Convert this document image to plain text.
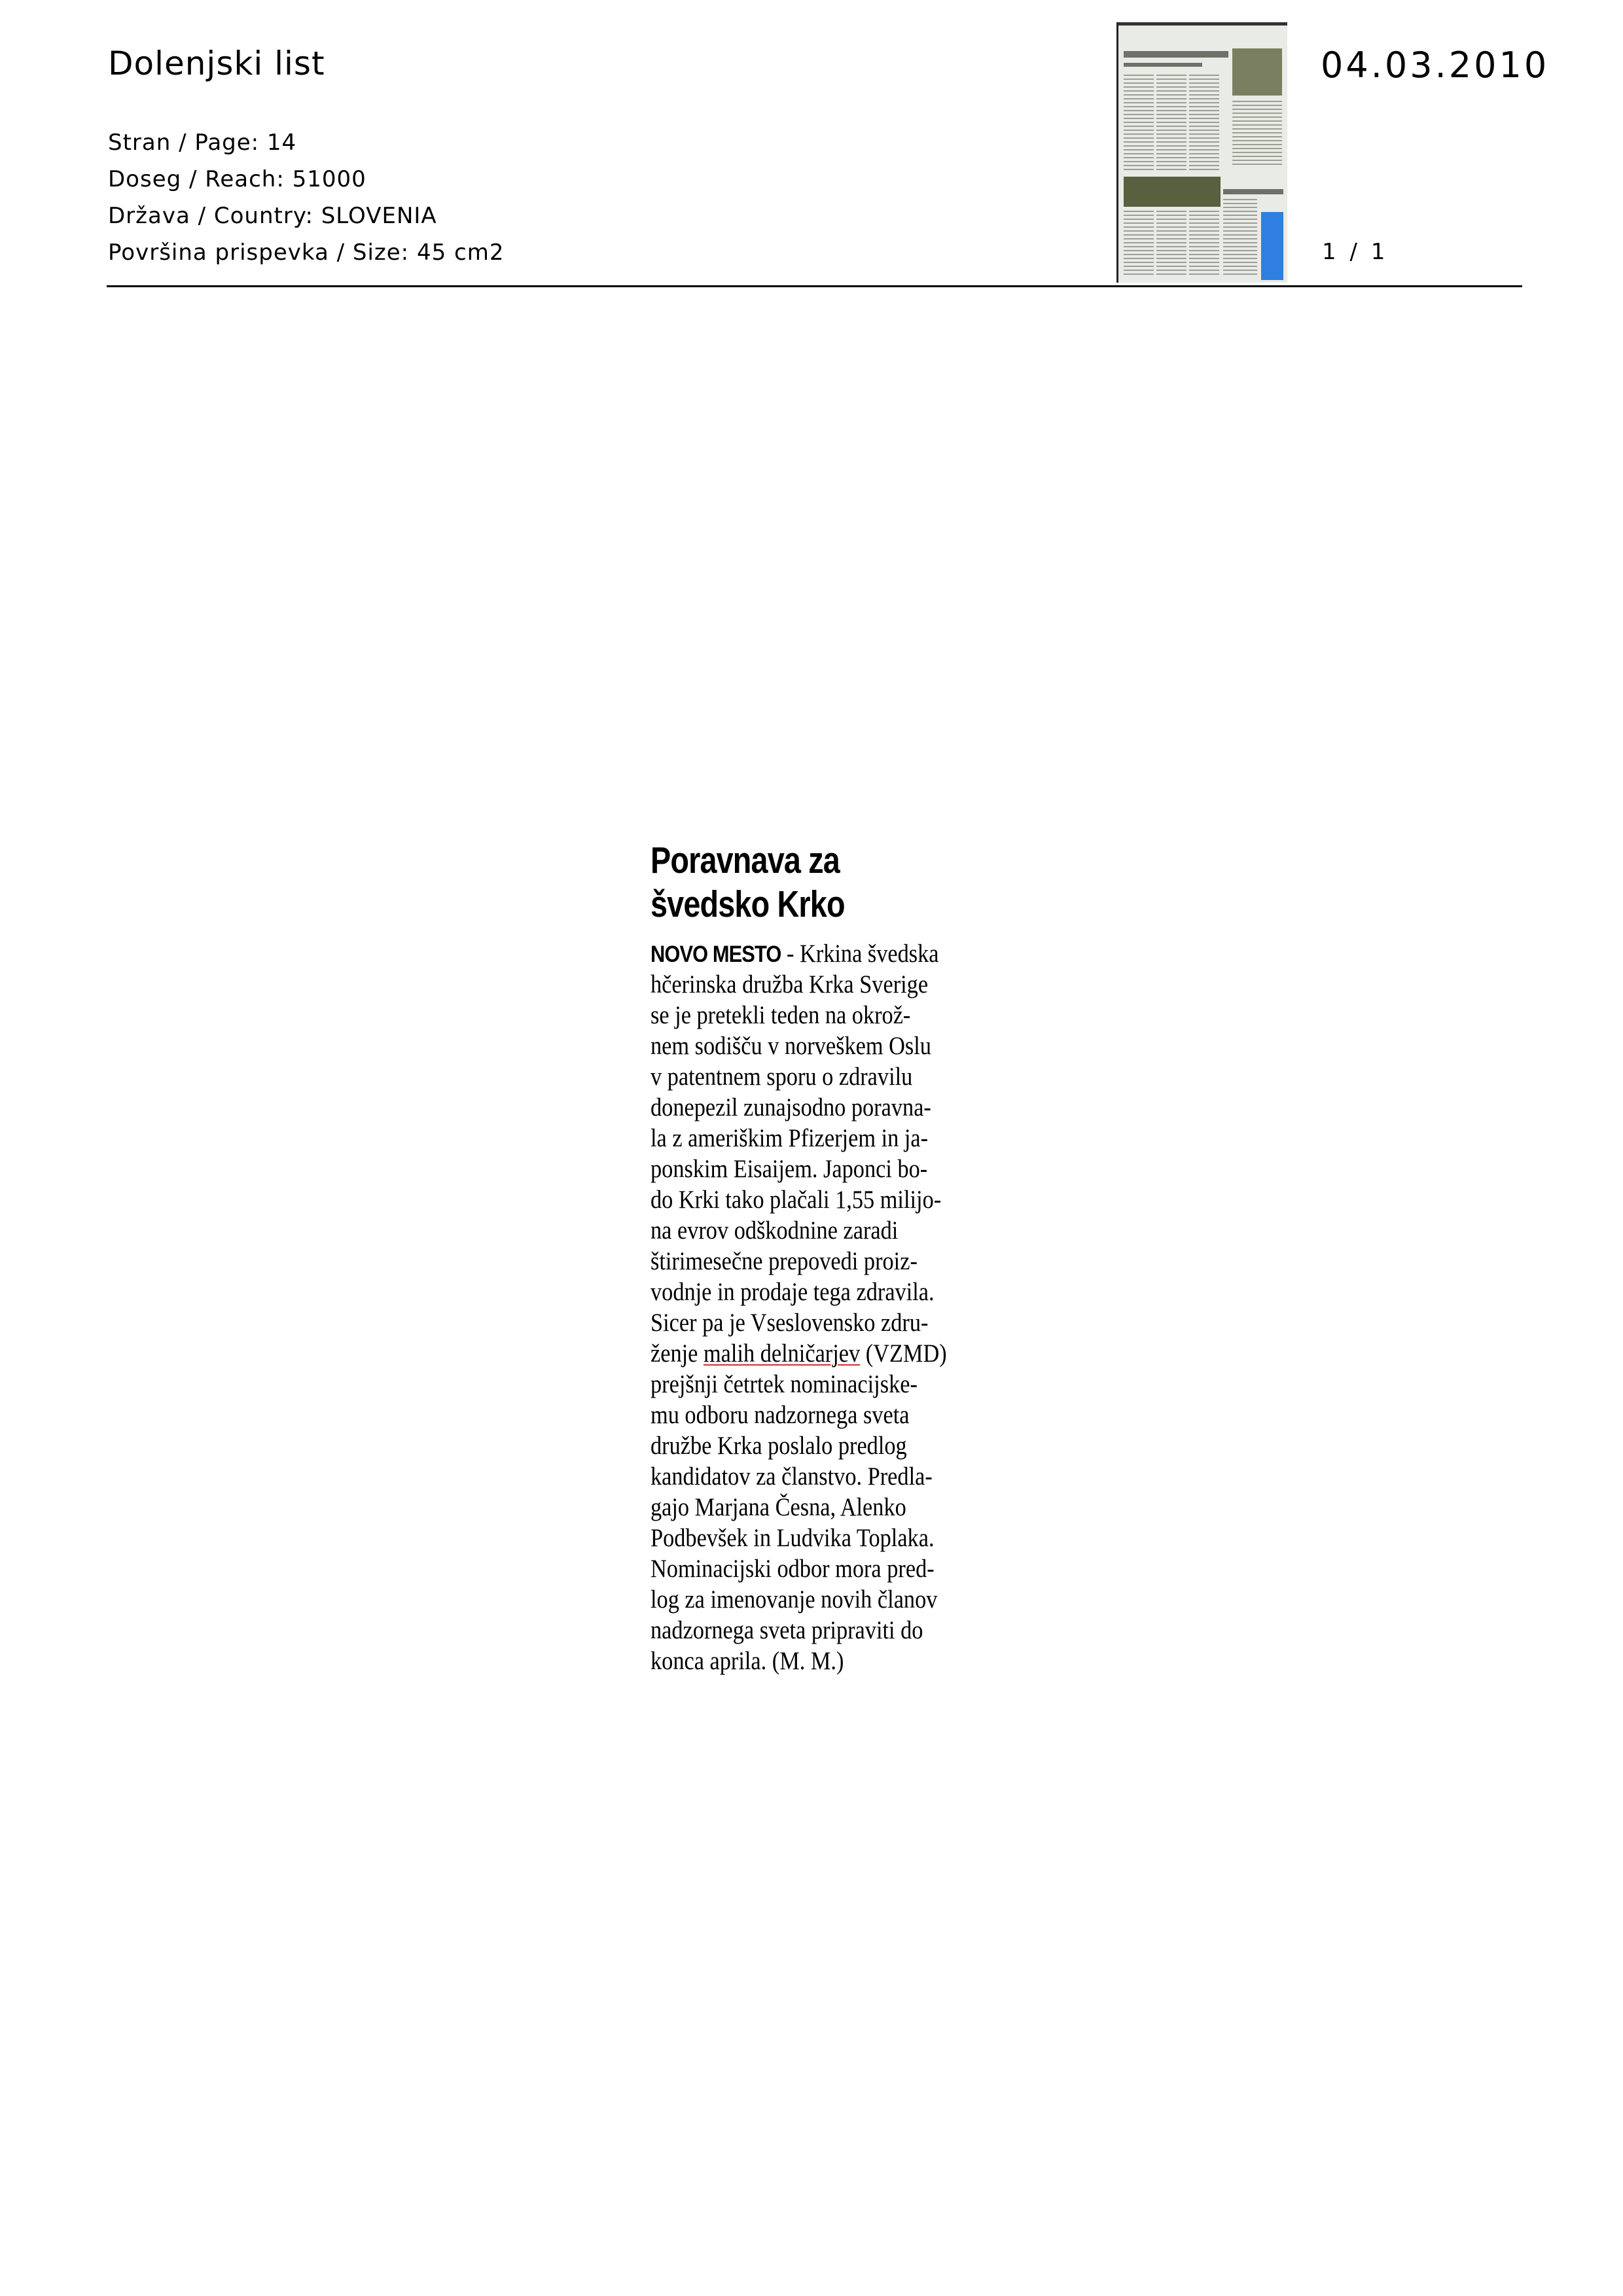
Dolenjski list
Stran / Page: 14
Doseg / Reach: 51000
Država / Country: SLOVENIA
Površina prispevka / Size: 45 cm2
04.03.2010
1 / 1
Poravnava za
švedsko Krko
NOVO MESTO - Krkina švedska
hčerinska družba Krka Sverige
se je pretekli teden na okrož-
nem sodišču v norveškem Oslu
v patentnem sporu o zdravilu
donepezil zunajsodno poravna-
la z ameriškim Pfizerjem in ja-
ponskim Eisaijem. Japonci bo-
do Krki tako plačali 1,55 milijo-
na evrov odškodnine zaradi
štirimesečne prepovedi proiz-
vodnje in prodaje tega zdravila.
Sicer pa je Vseslovensko zdru-
ženje malih delničarjev (VZMD)
prejšnji četrtek nominacijske-
mu odboru nadzornega sveta
družbe Krka poslalo predlog
kandidatov za članstvo. Predla-
gajo Marjana Česna, Alenko
Podbevšek in Ludvika Toplaka.
Nominacijski odbor mora pred-
log za imenovanje novih članov
nadzornega sveta pripraviti do
konca aprila. (M. M.)
